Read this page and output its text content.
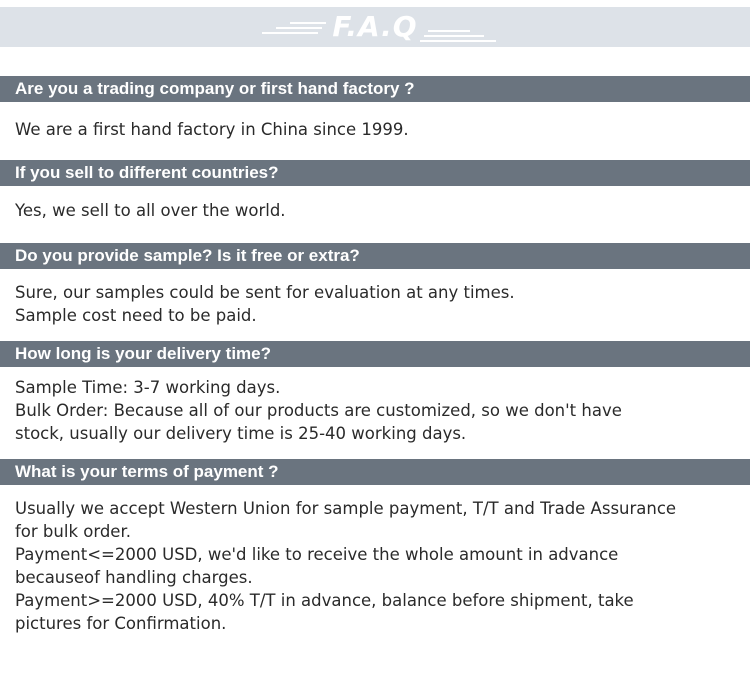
F.A.Q
Are you a trading company or first hand factory ?

We are a first hand factory in China since 1999.

If you sell to different countries?

Yes, we sell to all over the world.

Do you provide sample? Is it free or extra?

Sure, our samples could be sent for evaluation at any times.

Sample cost need to be paid.

How long is your delivery time?

Sample Time: 3-7 working days.

Bulk Order: Because all of our products are customized, so we don't have

stock, usually our delivery time is 25-40 working days.

What is your terms of payment ?

Usually we accept Western Union for sample payment, T/T and Trade Assurance

for bulk order.

Payment<=2000 USD, we'd like to receive the whole amount in advance

becauseof handling charges.

Payment>=2000 USD, 40% T/T in advance, balance before shipment, take

pictures for Confirmation.
